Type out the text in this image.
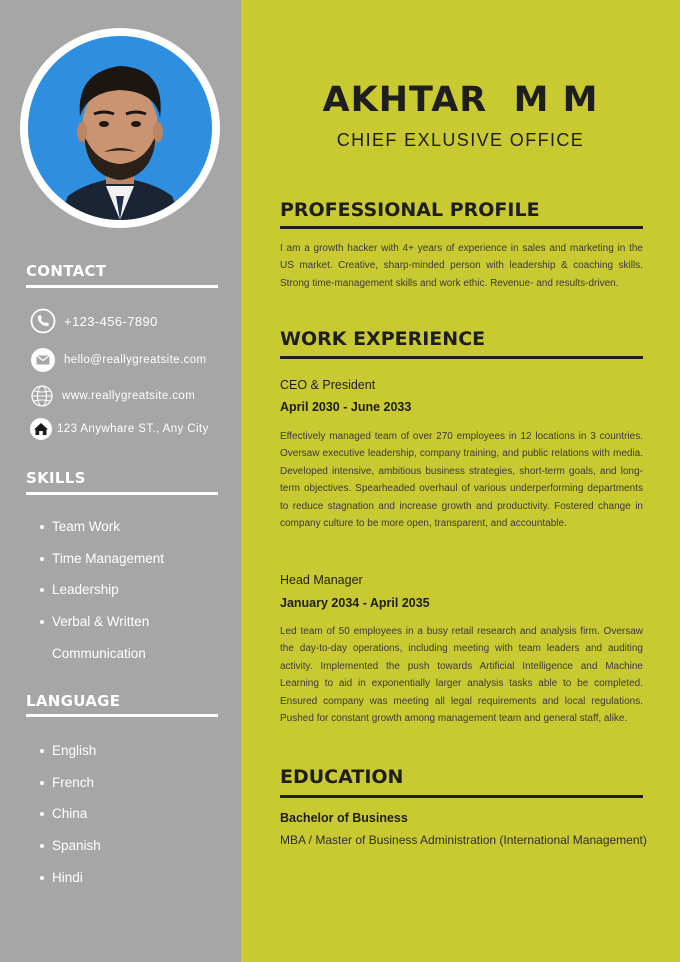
CONTACT
+123-456-7890
hello@reallygreatsite.com
www.reallygreatsite.com
123 Anywhare ST., Any City
SKILLS
Team Work
Time Management
Leadership
Verbal & Written
Communication
LANGUAGE
English
French
China
Spanish
Hindi
AKHTAR  M M
CHIEF EXLUSIVE OFFICE
PROFESSIONAL PROFILE

I am a growth hacker with 4+ years of experience in sales and marketing in the US market. Creative, sharp-minded person with leadership & coaching skills. Strong time-management skills and work ethic. Revenue- and results-driven.

WORK EXPERIENCE
CEO & President
April 2030 - June 2033

Effectively managed team of over 270 employees in 12 locations in 3 countries. Oversaw executive leadership, company training, and public relations with media. Developed intensive, ambitious business strategies, short-term goals, and long-term objectives. Spearheaded overhaul of various underperforming departments to reduce stagnation and increase growth and productivity. Fostered change in company culture to be more open, transparent, and accountable.

Head Manager
January 2034 - April 2035

Led team of 50 employees in a busy retail research and analysis firm. Oversaw the day-to-day operations, including meeting with team leaders and auditing activity. Implemented the push towards Artificial Intelligence and Machine Learning to aid in exponentially larger analysis tasks able to be completed. Ensured company was meeting all legal requirements and local regulations. Pushed for constant growth among management team and general staff, alike.

EDUCATION
Bachelor of Business
MBA / Master of Business Administration (International Management)
